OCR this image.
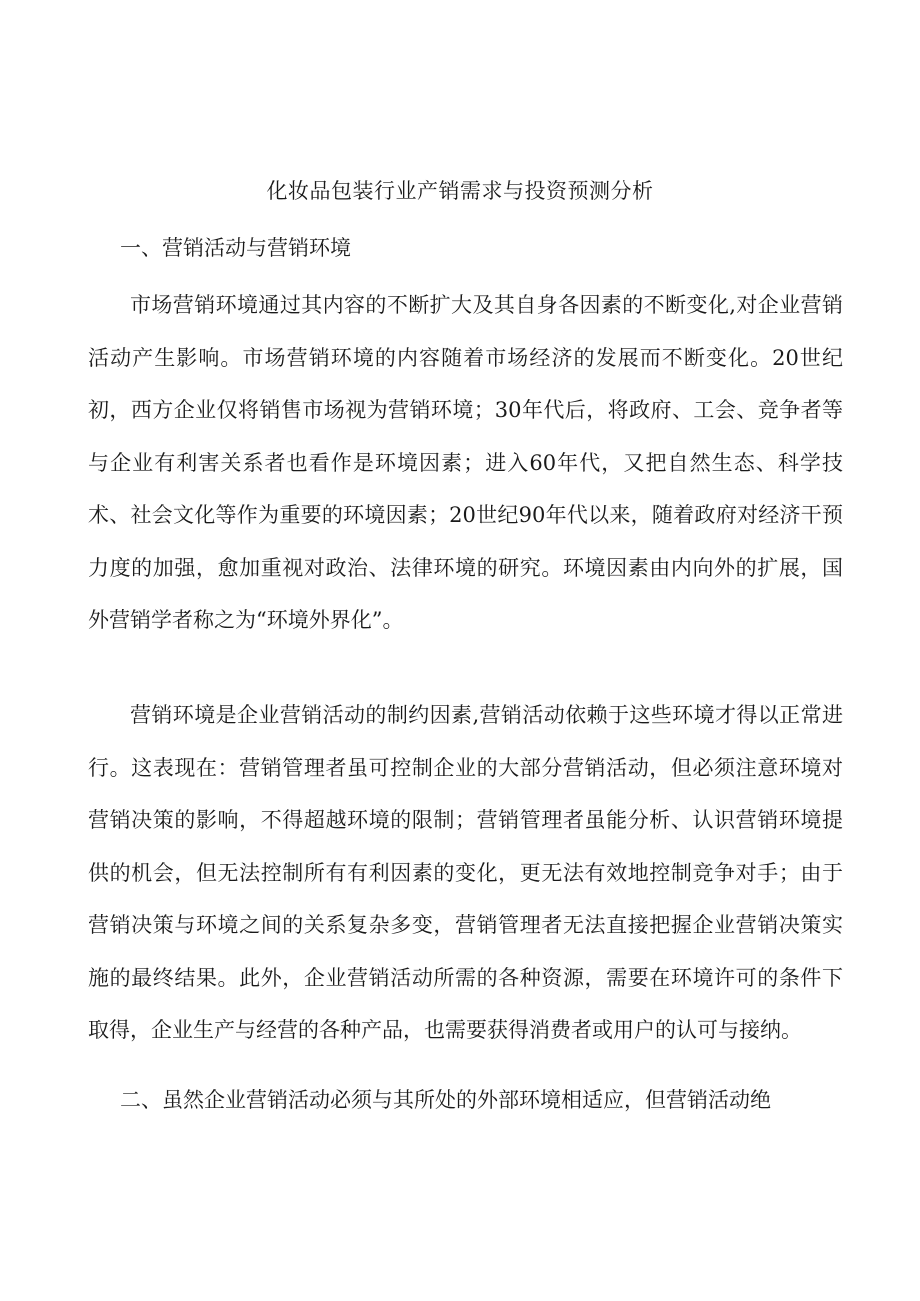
化妆品包装行业产销需求与投资预测分析
一、营销活动与营销环境

市场营销环境通过其内容的不断扩大及其自身各因素的不断变化,对企业营销活动产生影响。市场营销环境的内容随着市场经济的发展而不断变化。20世纪初，西方企业仅将销售市场视为营销环境；30年代后，将政府、工会、竞争者等与企业有利害关系者也看作是环境因素；进入60年代，又把自然生态、科学技术、社会文化等作为重要的环境因素；20世纪90年代以来，随着政府对经济干预力度的加强，愈加重视对政治、法律环境的研究。环境因素由内向外的扩展，国外营销学者称之为“环境外界化”。

营销环境是企业营销活动的制约因素,营销活动依赖于这些环境才得以正常进行。这表现在：营销管理者虽可控制企业的大部分营销活动，但必须注意环境对营销决策的影响，不得超越环境的限制；营销管理者虽能分析、认识营销环境提供的机会，但无法控制所有有利因素的变化，更无法有效地控制竞争对手；由于营销决策与环境之间的关系复杂多变，营销管理者无法直接把握企业营销决策实施的最终结果。此外，企业营销活动所需的各种资源，需要在环境许可的条件下取得，企业生产与经营的各种产品，也需要获得消费者或用户的认可与接纳。

二、虽然企业营销活动必须与其所处的外部环境相适应，但营销活动绝
